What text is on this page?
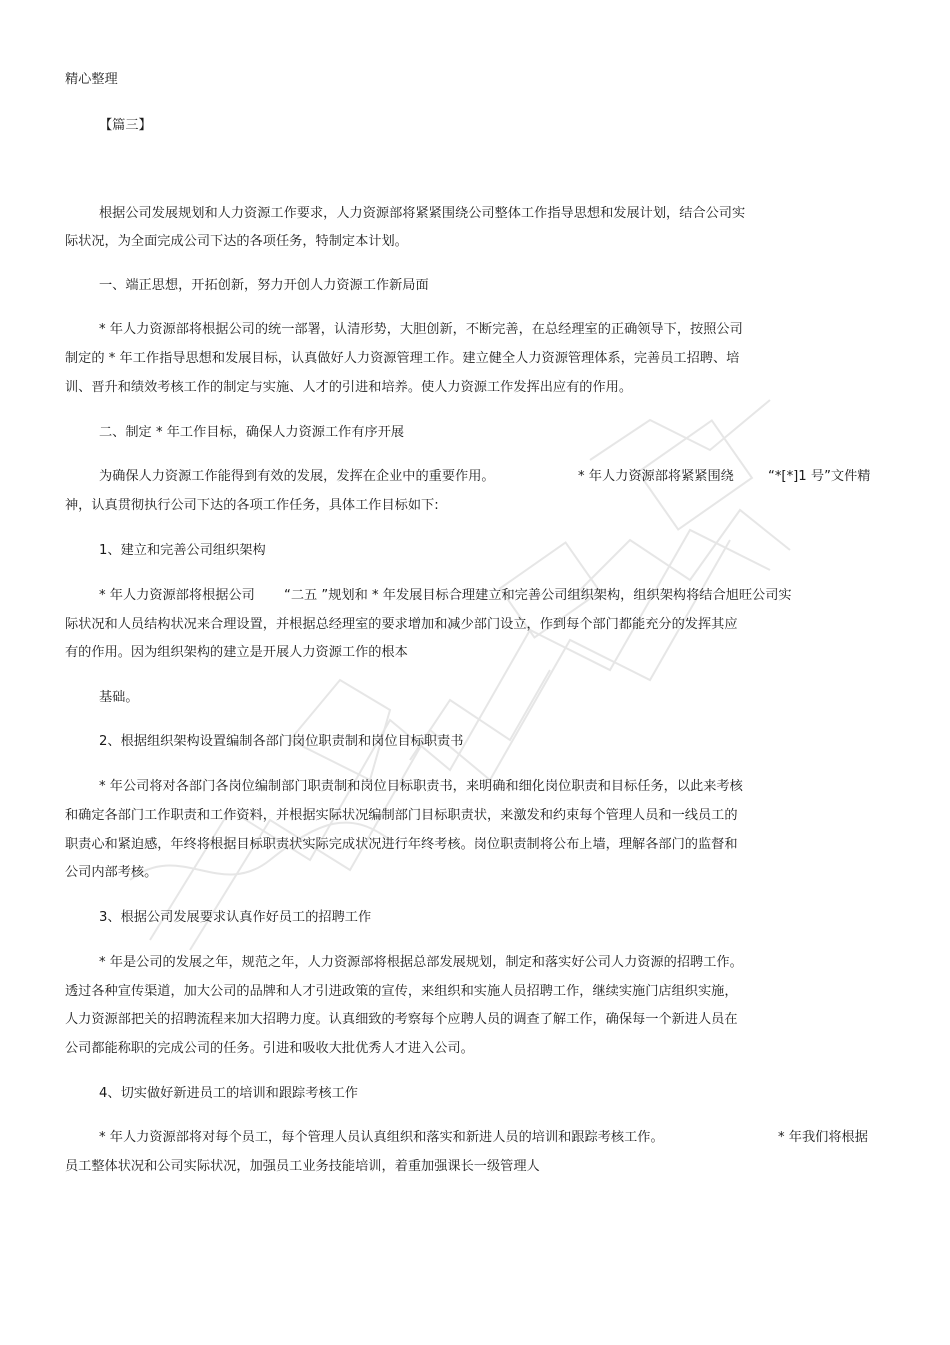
精心整理
【篇三】
根据公司发展规划和人力资源工作要求，人力资源部将紧紧围绕公司整体工作指导思想和发展计划，结合公司实
际状况，为全面完成公司下达的各项任务，特制定本计划。
一、端正思想，开拓创新，努力开创人力资源工作新局面
* 年人力资源部将根据公司的统一部署，认清形势，大胆创新，不断完善，在总经理室的正确领导下，按照公司
制定的 * 年工作指导思想和发展目标，认真做好人力资源管理工作。建立健全人力资源管理体系，完善员工招聘、培
训、晋升和绩效考核工作的制定与实施、人才的引进和培养。使人力资源工作发挥出应有的作用。
二、制定 * 年工作目标，确保人力资源工作有序开展
为确保人力资源工作能得到有效的发展，发挥在企业中的重要作用。	* 年人力资源部将紧紧围绕	“*[*]1 号”文件精
神，认真贯彻执行公司下达的各项工作任务，具体工作目标如下:
1、建立和完善公司组织架构
* 年人力资源部将根据公司 “二五 ”规划和 * 年发展目标合理建立和完善公司组织架构，组织架构将结合旭旺公司实
际状况和人员结构状况来合理设置，并根据总经理室的要求增加和减少部门设立，作到每个部门都能充分的发挥其应
有的作用。因为组织架构的建立是开展人力资源工作的根本
基础。
2、根据组织架构设置编制各部门岗位职责制和岗位目标职责书
* 年公司将对各部门各岗位编制部门职责制和岗位目标职责书，来明确和细化岗位职责和目标任务，以此来考核
和确定各部门工作职责和工作资料，并根据实际状况编制部门目标职责状，来激发和约束每个管理人员和一线员工的
职责心和紧迫感，年终将根据目标职责状实际完成状况进行年终考核。岗位职责制将公布上墙，理解各部门的监督和
公司内部考核。
3、根据公司发展要求认真作好员工的招聘工作
* 年是公司的发展之年，规范之年，人力资源部将根据总部发展规划，制定和落实好公司人力资源的招聘工作。
透过各种宣传渠道，加大公司的品牌和人才引进政策的宣传，来组织和实施人员招聘工作，继续实施门店组织实施，
人力资源部把关的招聘流程来加大招聘力度。认真细致的考察每个应聘人员的调查了解工作，确保每一个新进人员在
公司都能称职的完成公司的任务。引进和吸收大批优秀人才进入公司。
4、切实做好新进员工的培训和跟踪考核工作
* 年人力资源部将对每个员工，每个管理人员认真组织和落实和新进人员的培训和跟踪考核工作。	* 年我们将根据
员工整体状况和公司实际状况，加强员工业务技能培训，着重加强课长一级管理人
